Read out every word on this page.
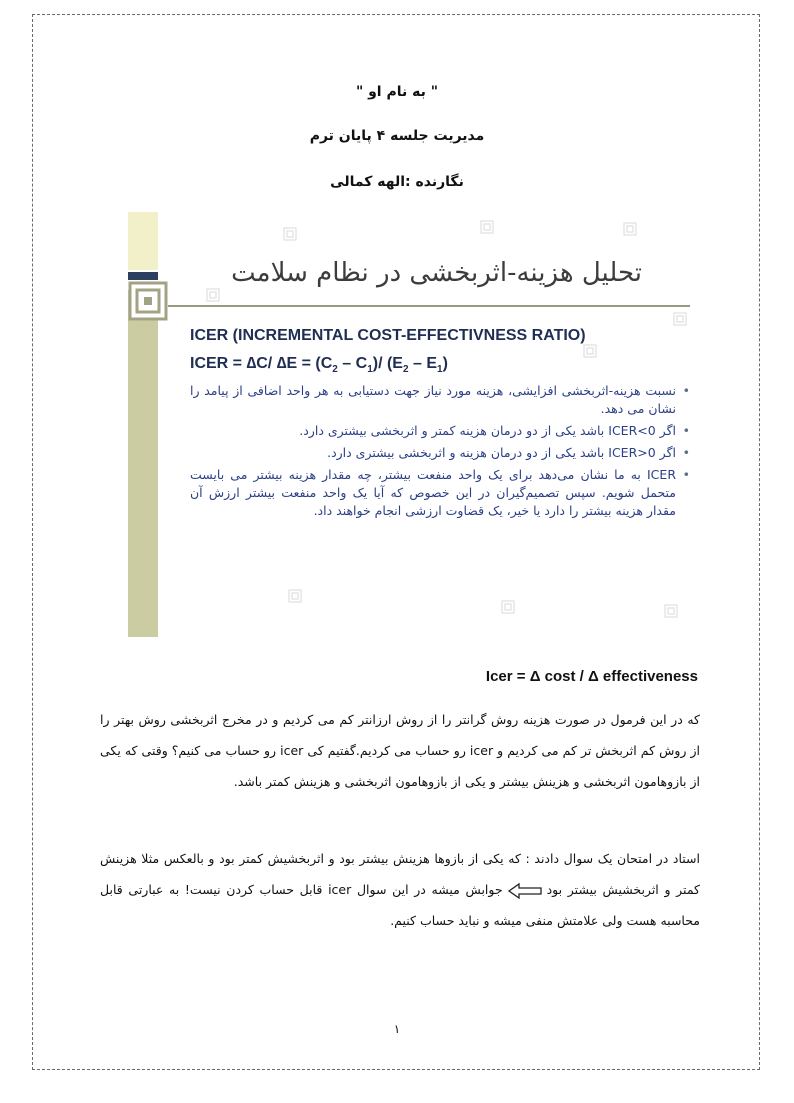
" به نام او "
مدیریت جلسه ۴ پایان ترم
نگارنده :الهه کمالی
تحلیل هزینه-اثربخشی در نظام سلامت
ICER (INCREMENTAL COST-EFFECTIVNESS RATIO)
ICER = ∆C/ $\Delta E = (C_2 - C_1)/$ $(E_2 - E_1)$
• نسبت هزینه-اثربخشی افزایشی، هزینه مورد نیاز جهت دستیابی به هر واحد اضافی از پیامد را نشان می دهد.
• اگر ICER<0 باشد یکی از دو درمان هزینه کمتر و اثربخشی بیشتری دارد.
• اگر ICER>0 باشد یکی از دو درمان هزینه و اثربخشی بیشتری دارد.
• ICER به ما نشان می‌دهد برای یک واحد منفعت بیشتر، چه مقدار هزینه بیشتر می بایست متحمل شویم. سپس تصمیم‌گیران در این خصوص که آیا یک واحد منفعت بیشتر ارزش آن مقدار هزینه بیشتر را دارد یا خیر، یک قضاوت ارزشی انجام خواهند داد.
Icer = Δ cost / Δ effectiveness

که در این فرمول در صورت هزینه روش گرانتر را از روش ارزانتر کم می کردیم و در مخرج اثربخشی روش بهتر را از روش کم اثربخش تر کم می کردیم و icer رو حساب می کردیم.گفتیم کی icer رو حساب می کنیم؟ وقتی که یکی از بازوهامون اثربخشی و هزینش بیشتر و یکی از بازوهامون اثربخشی و هزینش کمتر باشد.

استاد در امتحان یک سوال دادند : که یکی از بازوها هزینش بیشتر بود و اثربخشیش کمتر بود و بالعکس مثلا هزینش کمتر و اثربخشیش بیشتر بودجوابش میشه در این سوال icer قابل حساب کردن نیست! به عبارتی قابل محاسبه هست ولی علامتش منفی میشه و نباید حساب کنیم.

۱
